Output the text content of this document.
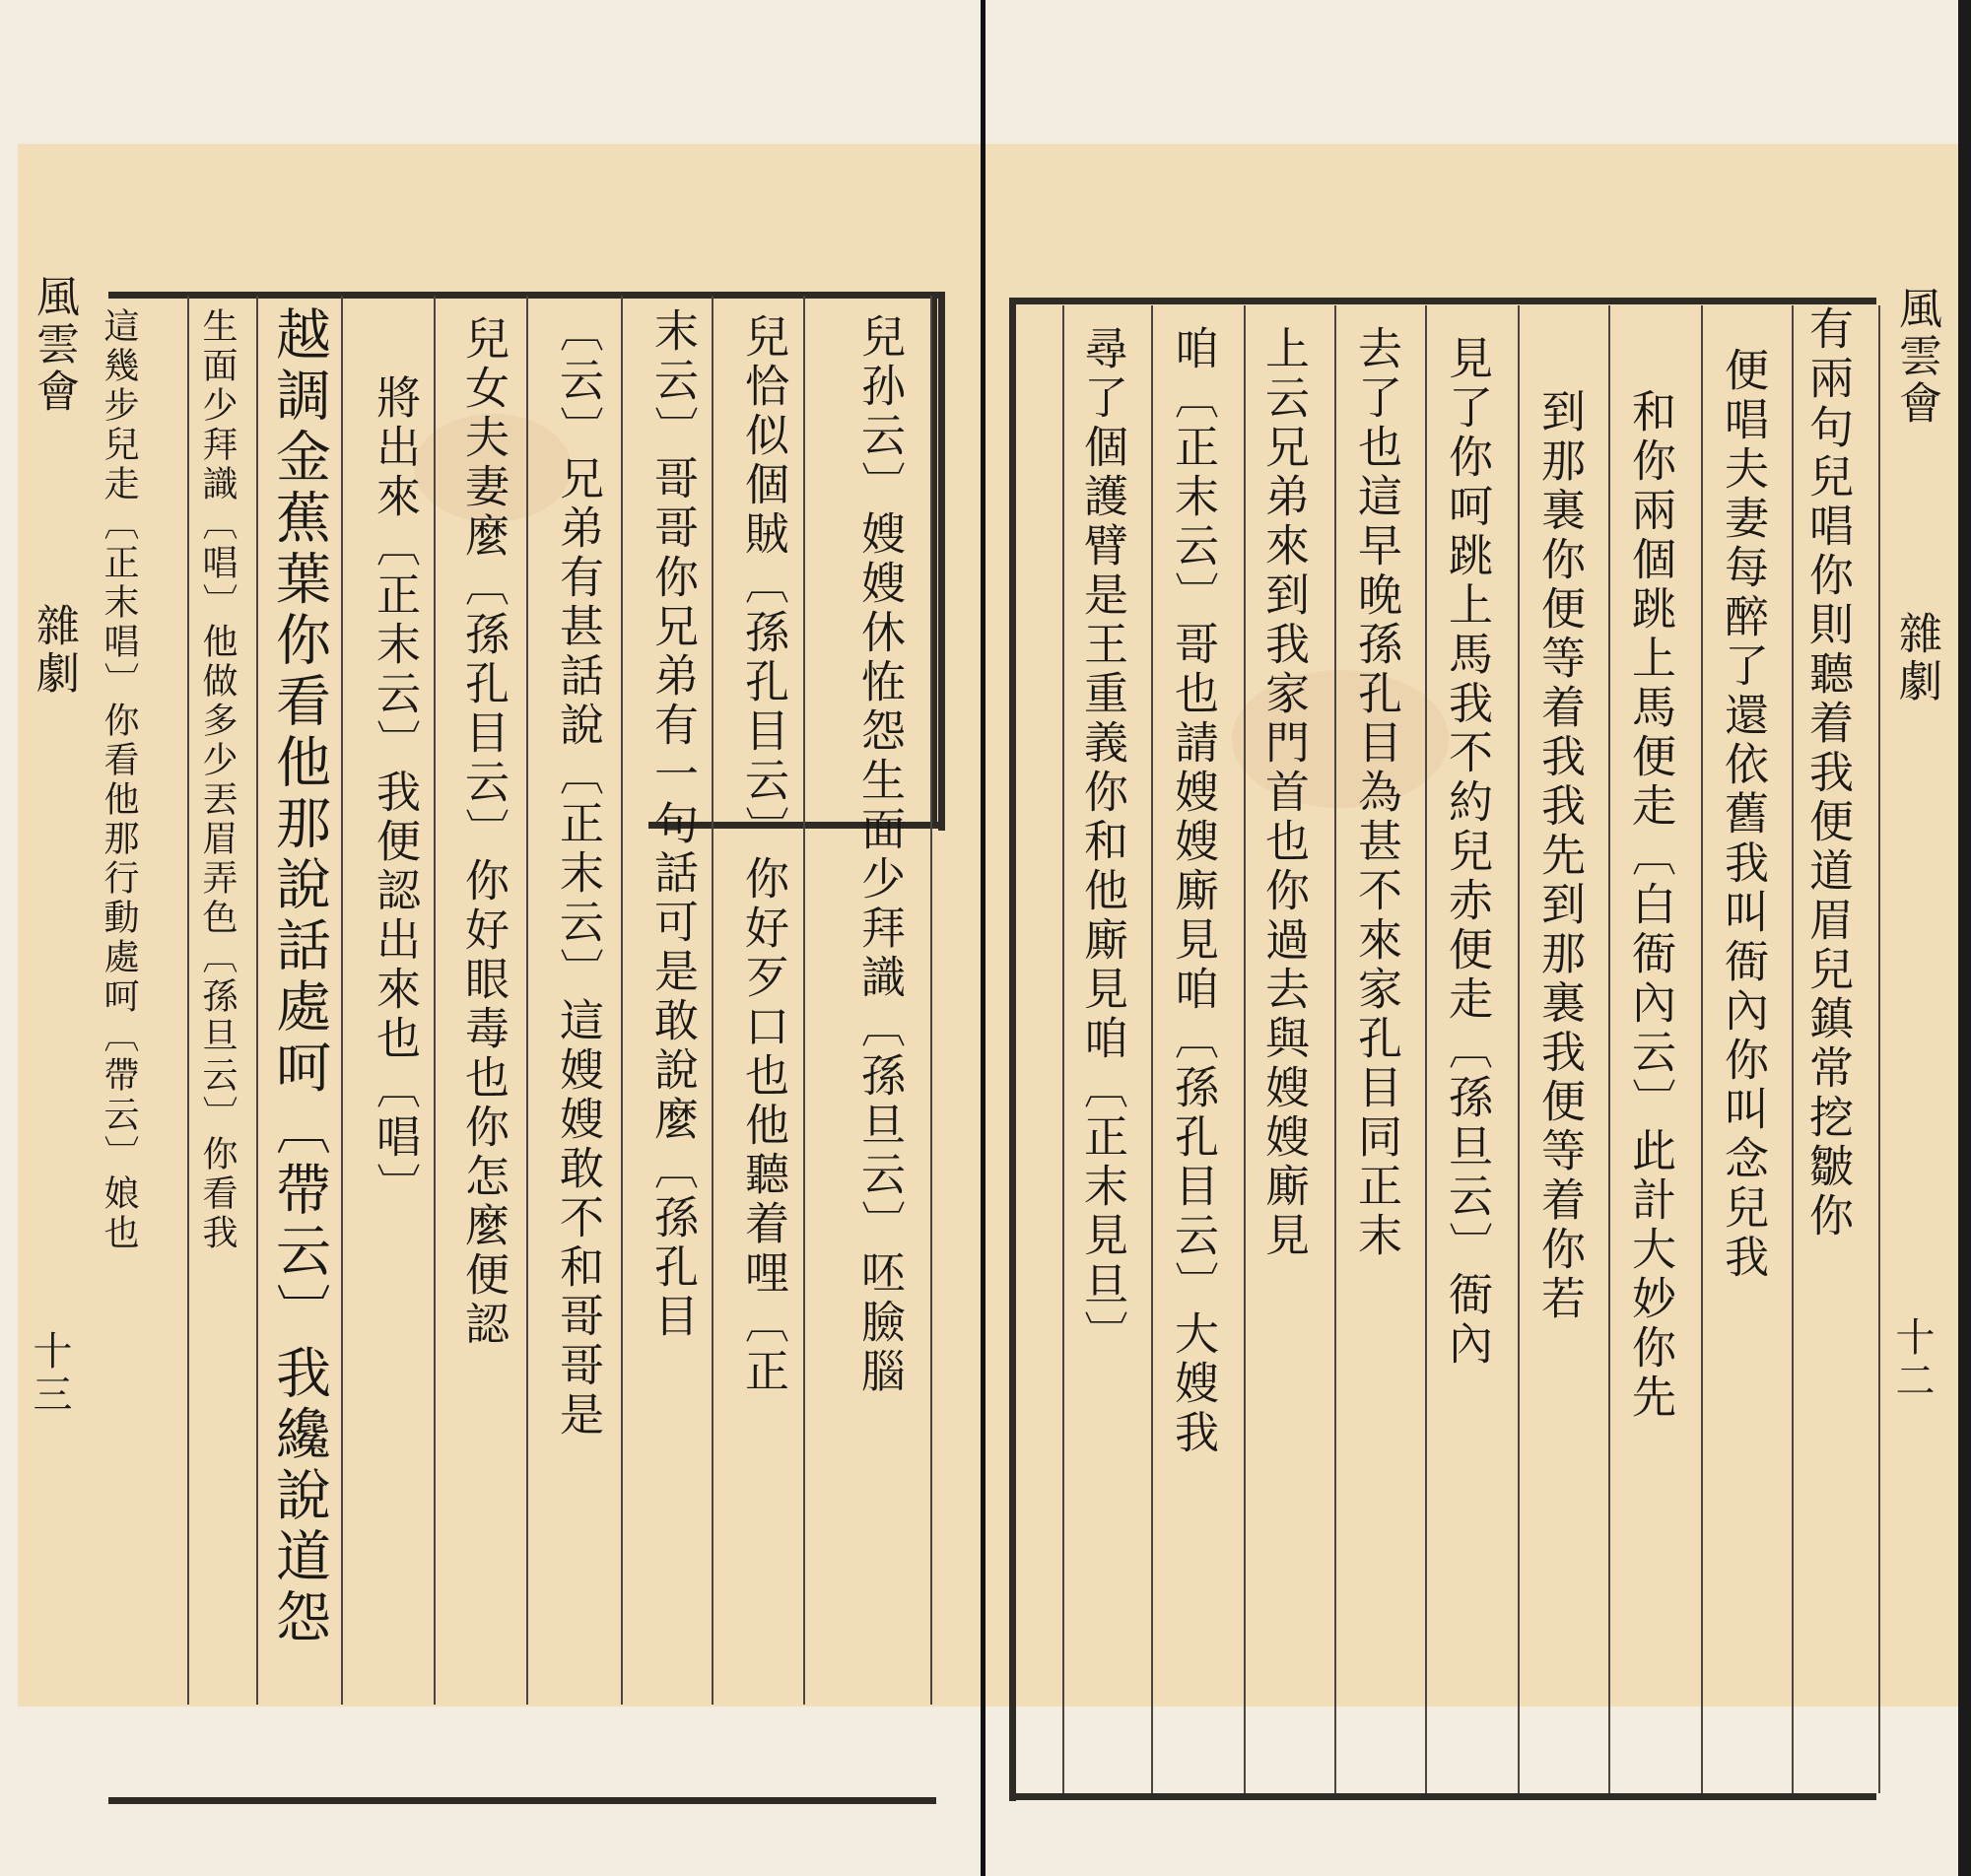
風雲會
雜劇
十三
這幾步兒走〔正末唱〕你看他那行動處呵〔帶云〕娘也 生面少拜識〔唱〕他做多少丟眉弄色〔孫旦云〕你看我 越調金蕉葉你看他那說話處呵〔帶云〕我纔說道怨 將出來〔正末云〕我便認出來也〔唱〕 兒女夫妻麼〔孫孔目云〕你好眼毒也你怎麼便認 〔云〕兄弟有甚話說〔正末云〕這嫂嫂敢不和哥哥是 末云〕哥哥你兄弟有一句話可是敢說麼〔孫孔目 兒恰似個賊〔孫孔目云〕你好歹口也他聽着哩〔正 兒孙云〕嫂嫂休恠怨生面少拜識〔孫旦云〕呸臉腦	風雲會
雜劇
十二
有兩句兒唱你則聽着我便道眉兒鎮常挖皺你
便唱夫妻每醉了還依舊我叫衙內你叫念兒我
和你兩個跳上馬便走〔白衙內云〕此計大妙你先
到那裏你便等着我我先到那裏我便等着你若
見了你呵跳上馬我不約兒赤便走〔孫旦云〕衙內
去了也這早晚孫孔目為甚不來家孔目同正末
上云兄弟來到我家門首也你過去與嫂嫂廝見
咱〔正末云〕哥也請嫂嫂廝見咱〔孫孔目云〕大嫂我
尋了個護臂是王重義你和他廝見咱〔正末見旦〕
